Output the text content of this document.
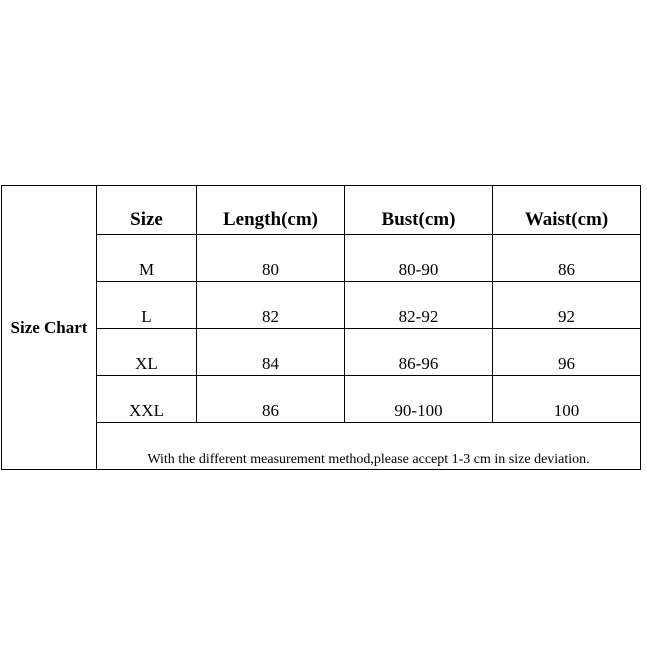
Size Chart	Size	Length(cm)	Bust(cm)	Waist(cm)
	M	80	80-90	86
	L	82	82-92	92
	XL	84	86-96	96
	XXL	86	90-100	100
	With the different measurement method,please accept 1-3 cm in size deviation.			
